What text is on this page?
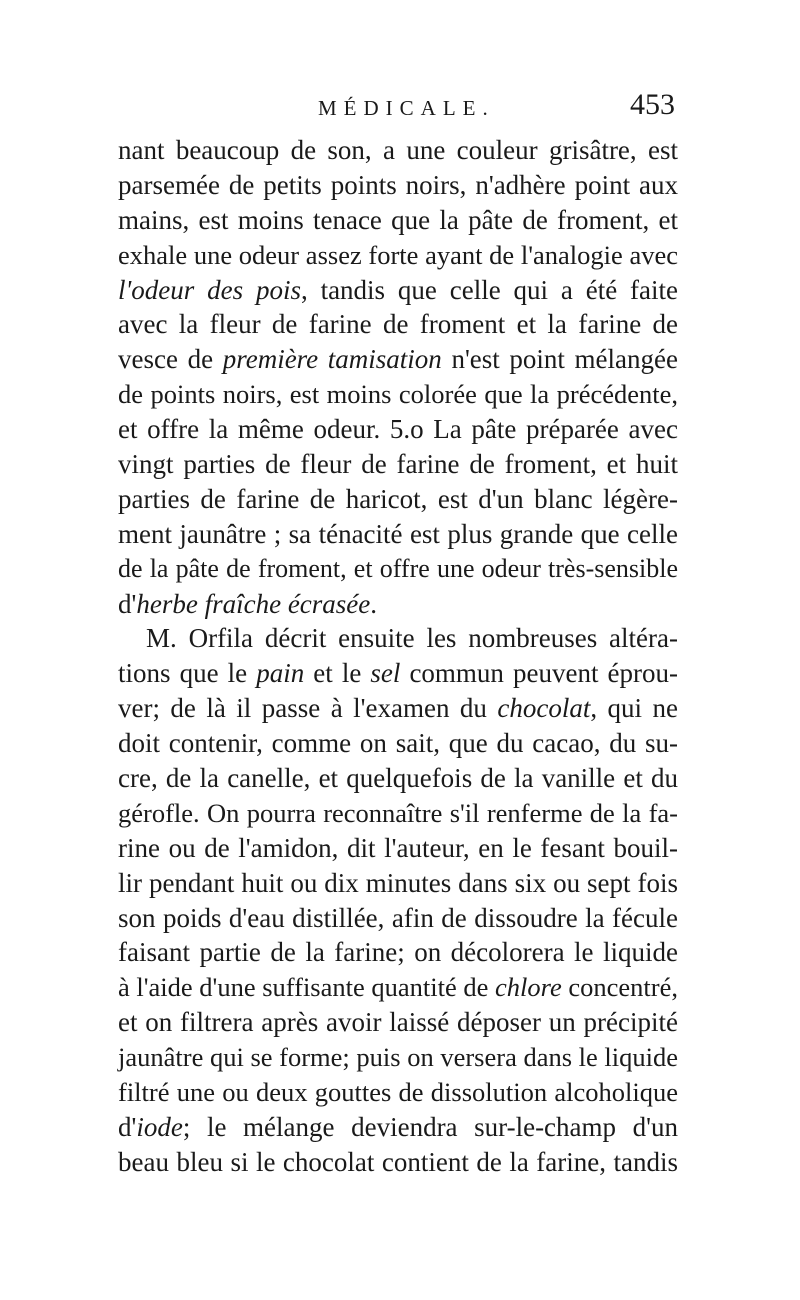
MÉDICALE.	453
nant beaucoup de son, a une couleur grisâtre, est
parsemée de petits points noirs, n'adhère point aux
mains, est moins tenace que la pâte de froment, et
exhale une odeur assez forte ayant de l'analogie avec
l'odeur des pois, tandis que celle qui a été faite
avec la fleur de farine de froment et la farine de
vesce de première tamisation n'est point mélangée
de points noirs, est moins colorée que la précédente,
et offre la même odeur. 5.o La pâte préparée avec
vingt parties de fleur de farine de froment, et huit
parties de farine de haricot, est d'un blanc légère-
ment jaunâtre ; sa ténacité est plus grande que celle
de la pâte de froment, et offre une odeur très-sensible
d'herbe fraîche écrasée.
M. Orfila décrit ensuite les nombreuses altéra-
tions que le pain et le sel commun peuvent éprou-
ver; de là il passe à l'examen du chocolat, qui ne
doit contenir, comme on sait, que du cacao, du su-
cre, de la canelle, et quelquefois de la vanille et du
gérofle. On pourra reconnaître s'il renferme de la fa-
rine ou de l'amidon, dit l'auteur, en le fesant bouil-
lir pendant huit ou dix minutes dans six ou sept fois
son poids d'eau distillée, afin de dissoudre la fécule
faisant partie de la farine; on décolorera le liquide
à l'aide d'une suffisante quantité de chlore concentré,
et on filtrera après avoir laissé déposer un précipité
jaunâtre qui se forme; puis on versera dans le liquide
filtré une ou deux gouttes de dissolution alcoholique
d'iode; le mélange deviendra sur-le-champ d'un
beau bleu si le chocolat contient de la farine, tandis
